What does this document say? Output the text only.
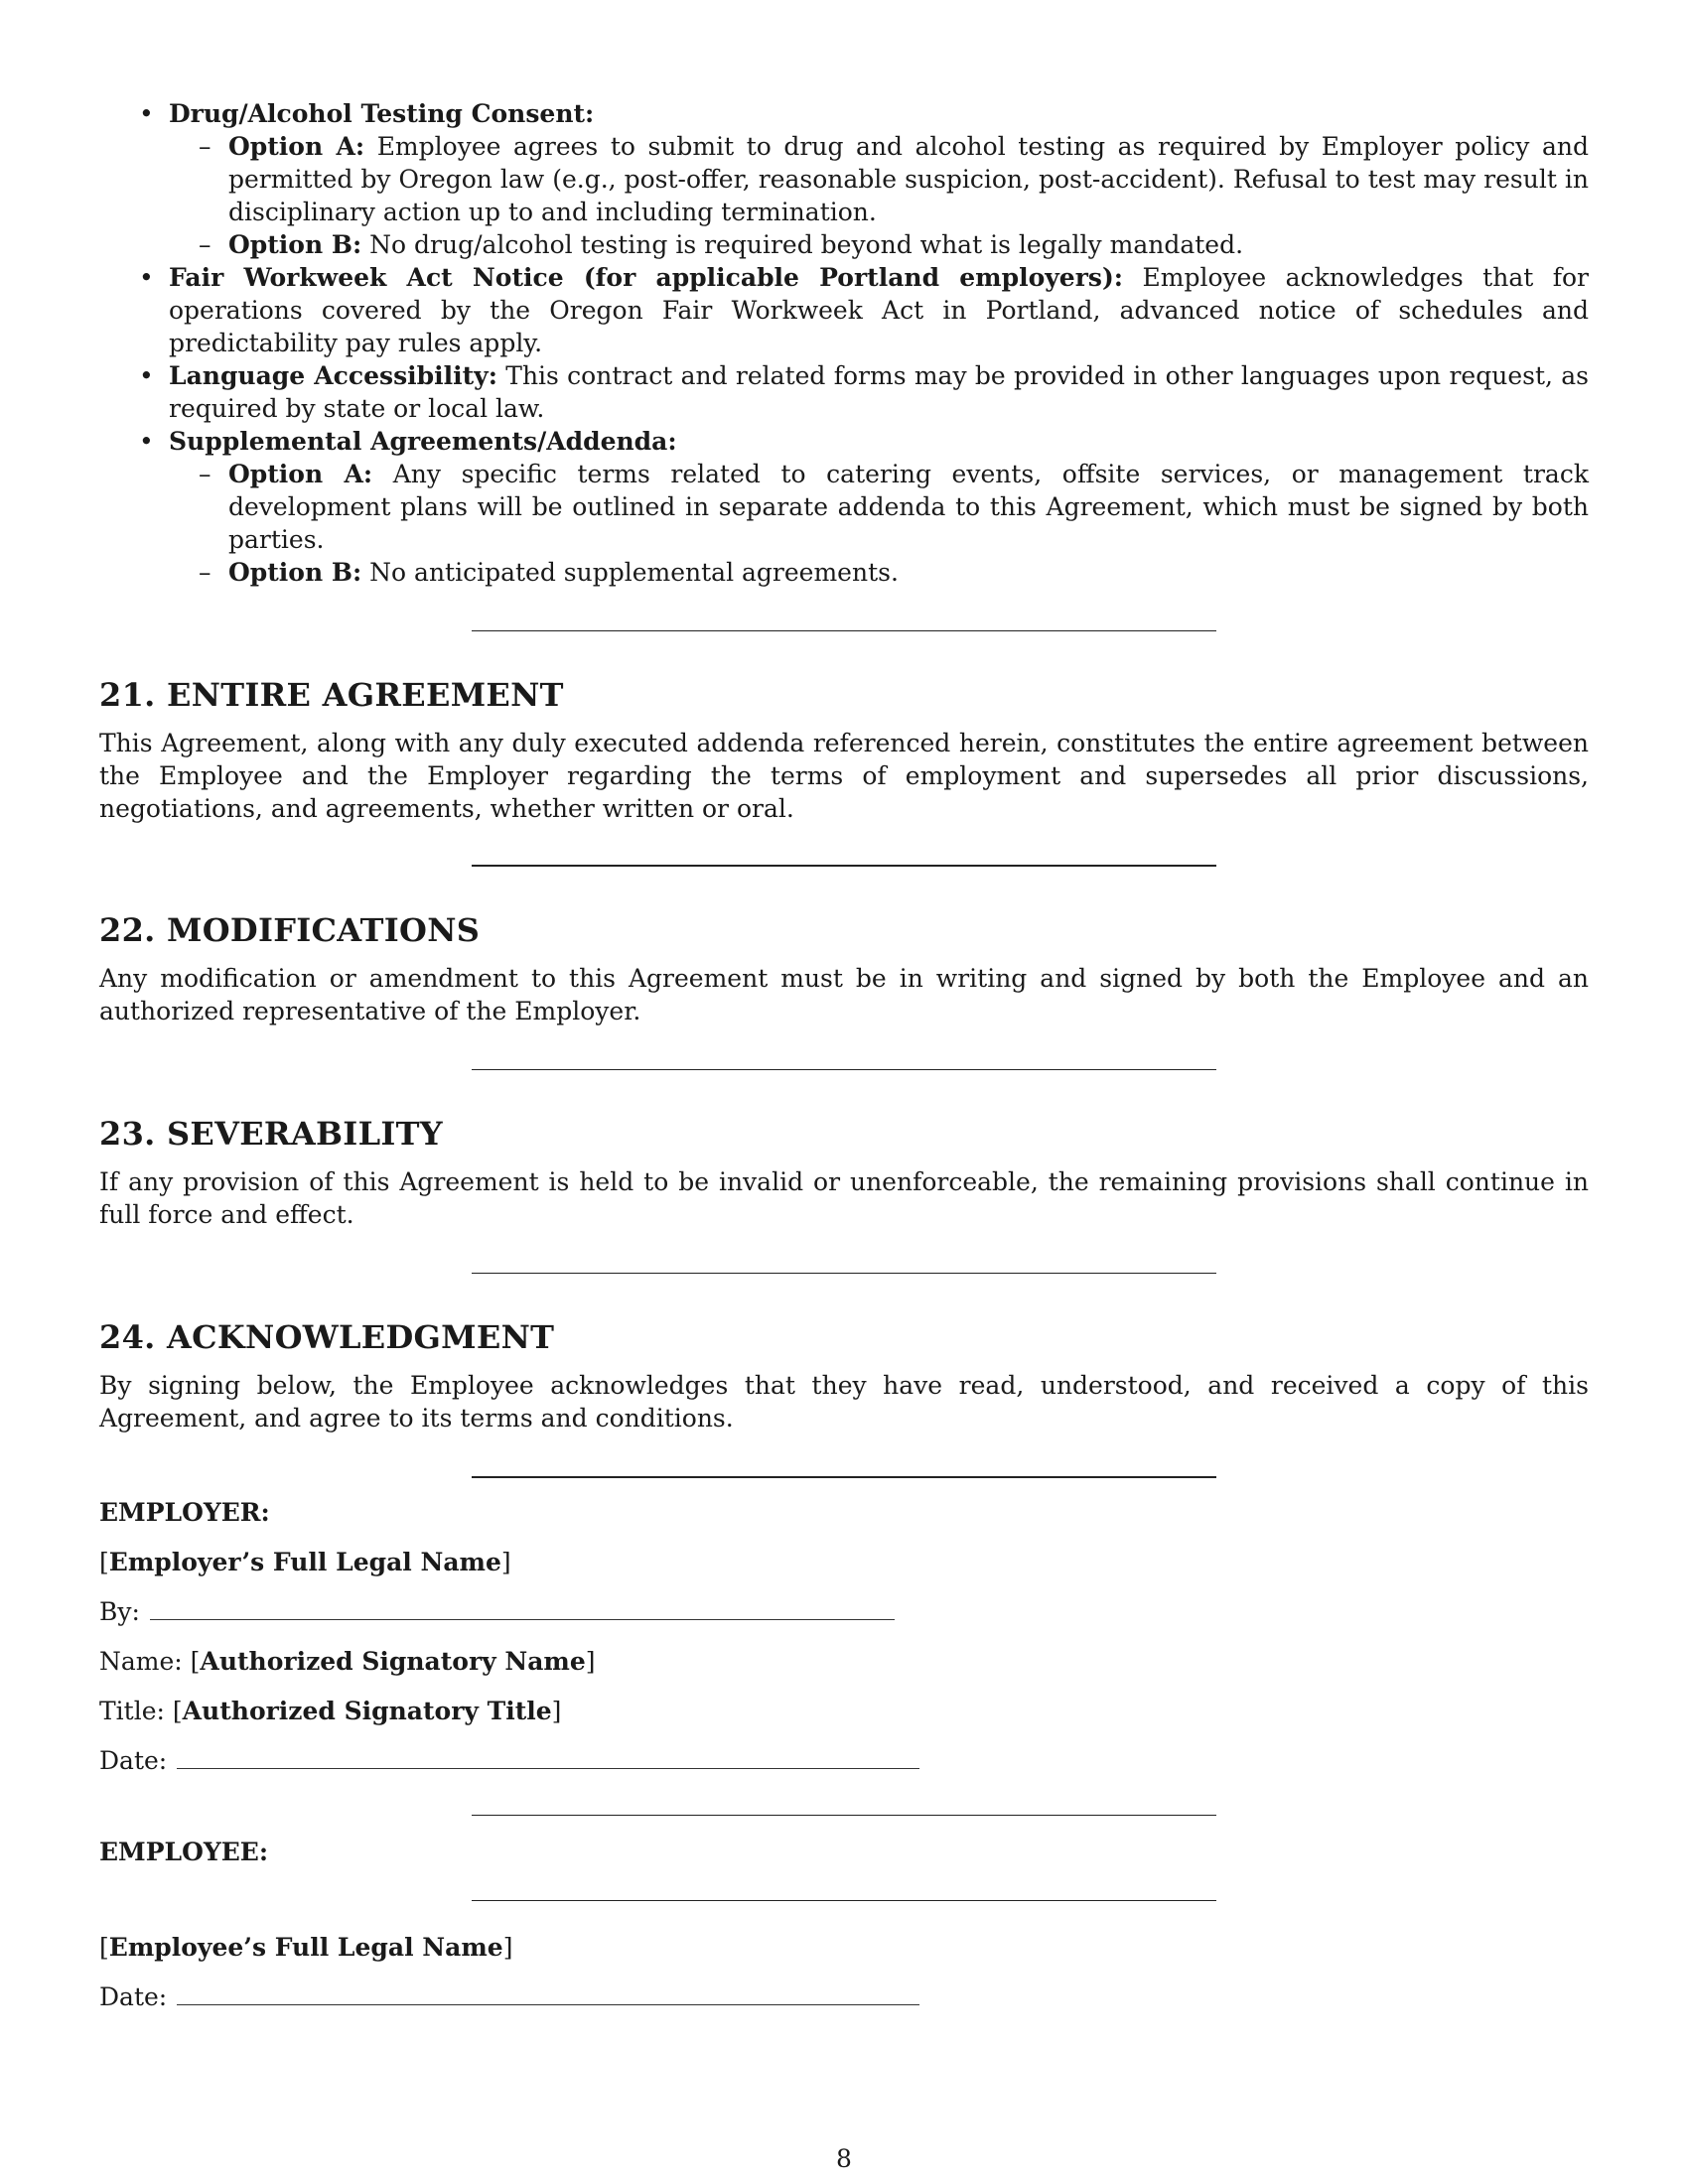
• Drug/Alcohol Testing Consent:
– Option A: Employee agrees to submit to drug and alcohol testing as required by Employer policy and permitted by Oregon law (e.g., post-offer, reasonable suspicion, post-accident). Refusal to test may result in disciplinary action up to and including termination.
– Option B: No drug/alcohol testing is required beyond what is legally mandated.
• Fair Workweek Act Notice (for applicable Portland employers): Employee acknowledges that for operations covered by the Oregon Fair Workweek Act in Portland, advanced notice of schedules and predictability pay rules apply.
• Language Accessibility: This contract and related forms may be provided in other languages upon request, as required by state or local law.
• Supplemental Agreements/Addenda:
– Option A: Any specific terms related to catering events, offsite services, or management track development plans will be outlined in separate addenda to this Agreement, which must be signed by both parties.
– Option B: No anticipated supplemental agreements.
21. ENTIRE AGREEMENT

This Agreement, along with any duly executed addenda referenced herein, constitutes the entire agreement between the Employee and the Employer regarding the terms of employment and supersedes all prior discussions, negotiations, and agreements, whether written or oral.

22. MODIFICATIONS

Any modification or amendment to this Agreement must be in writing and signed by both the Employee and an authorized representative of the Employer.

23. SEVERABILITY

If any provision of this Agreement is held to be invalid or unenforceable, the remaining provisions shall continue in full force and effect.

24. ACKNOWLEDGMENT

By signing below, the Employee acknowledges that they have read, understood, and received a copy of this Agreement, and agree to its terms and conditions.

EMPLOYER:

[Employer’s Full Legal Name]

By:

Name: [Authorized Signatory Name]

Title: [Authorized Signatory Title]

Date:

EMPLOYEE:

[Employee’s Full Legal Name]

Date:

8
